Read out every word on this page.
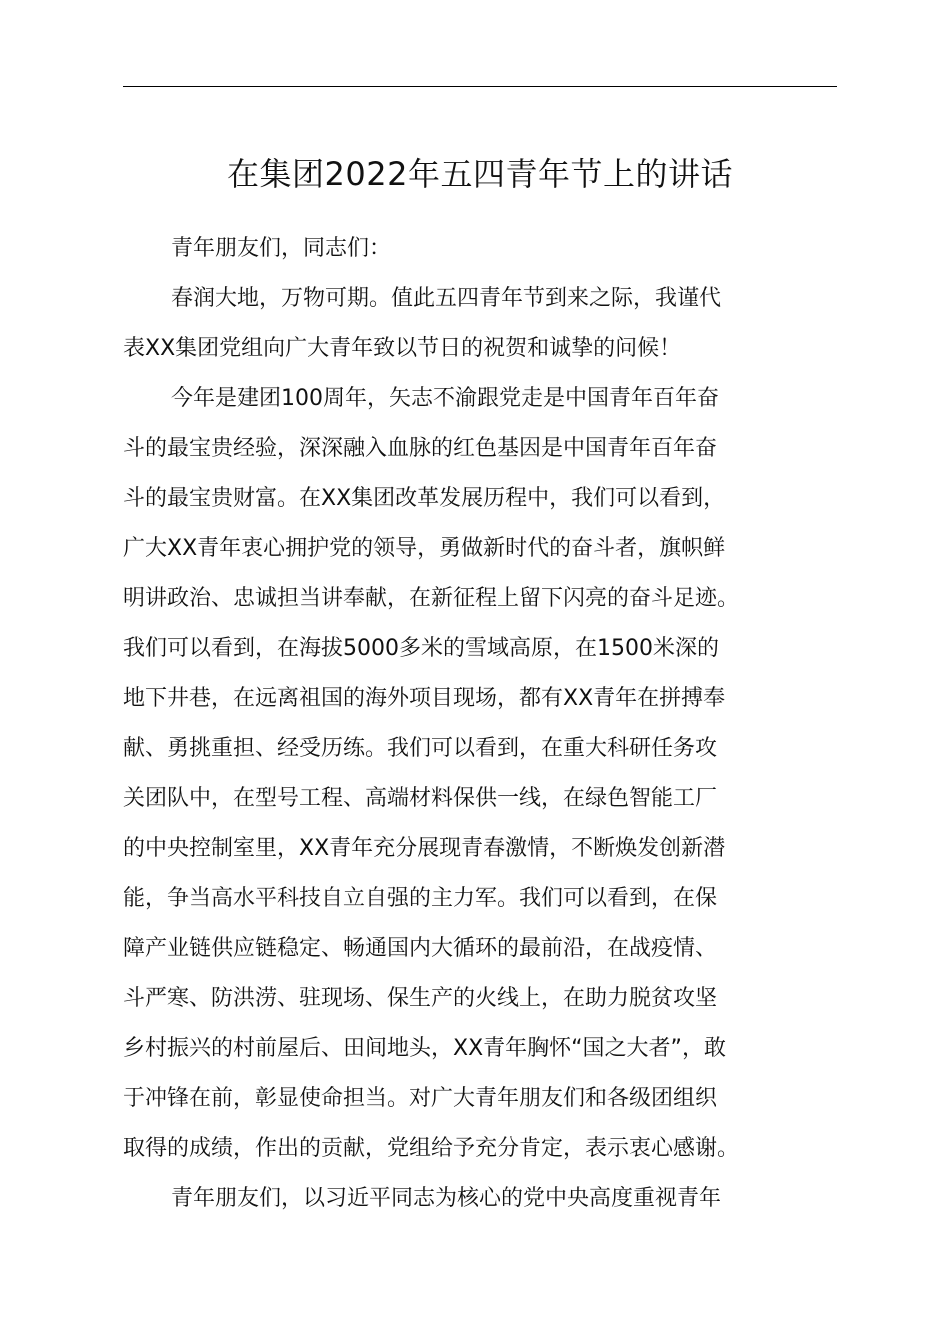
在集团2022年五四青年节上的讲话

青年朋友们，同志们：

春润大地，万物可期。值此五四青年节到来之际，我谨代
表XX集团党组向广大青年致以节日的祝贺和诚挚的问候！

今年是建团100周年，矢志不渝跟党走是中国青年百年奋
斗的最宝贵经验，深深融入血脉的红色基因是中国青年百年奋
斗的最宝贵财富。在XX集团改革发展历程中，我们可以看到，
广大XX青年衷心拥护党的领导，勇做新时代的奋斗者，旗帜鲜
明讲政治、忠诚担当讲奉献，在新征程上留下闪亮的奋斗足迹。
我们可以看到，在海拔5000多米的雪域高原，在1500米深的
地下井巷，在远离祖国的海外项目现场，都有XX青年在拼搏奉
献、勇挑重担、经受历练。我们可以看到，在重大科研任务攻
关团队中，在型号工程、高端材料保供一线，在绿色智能工厂
的中央控制室里，XX青年充分展现青春激情，不断焕发创新潜
能，争当高水平科技自立自强的主力军。我们可以看到，在保
障产业链供应链稳定、畅通国内大循环的最前沿，在战疫情、
斗严寒、防洪涝、驻现场、保生产的火线上，在助力脱贫攻坚
乡村振兴的村前屋后、田间地头，XX青年胸怀“国之大者”，敢
于冲锋在前，彰显使命担当。对广大青年朋友们和各级团组织
取得的成绩，作出的贡献，党组给予充分肯定，表示衷心感谢。

青年朋友们，以习近平同志为核心的党中央高度重视青年
